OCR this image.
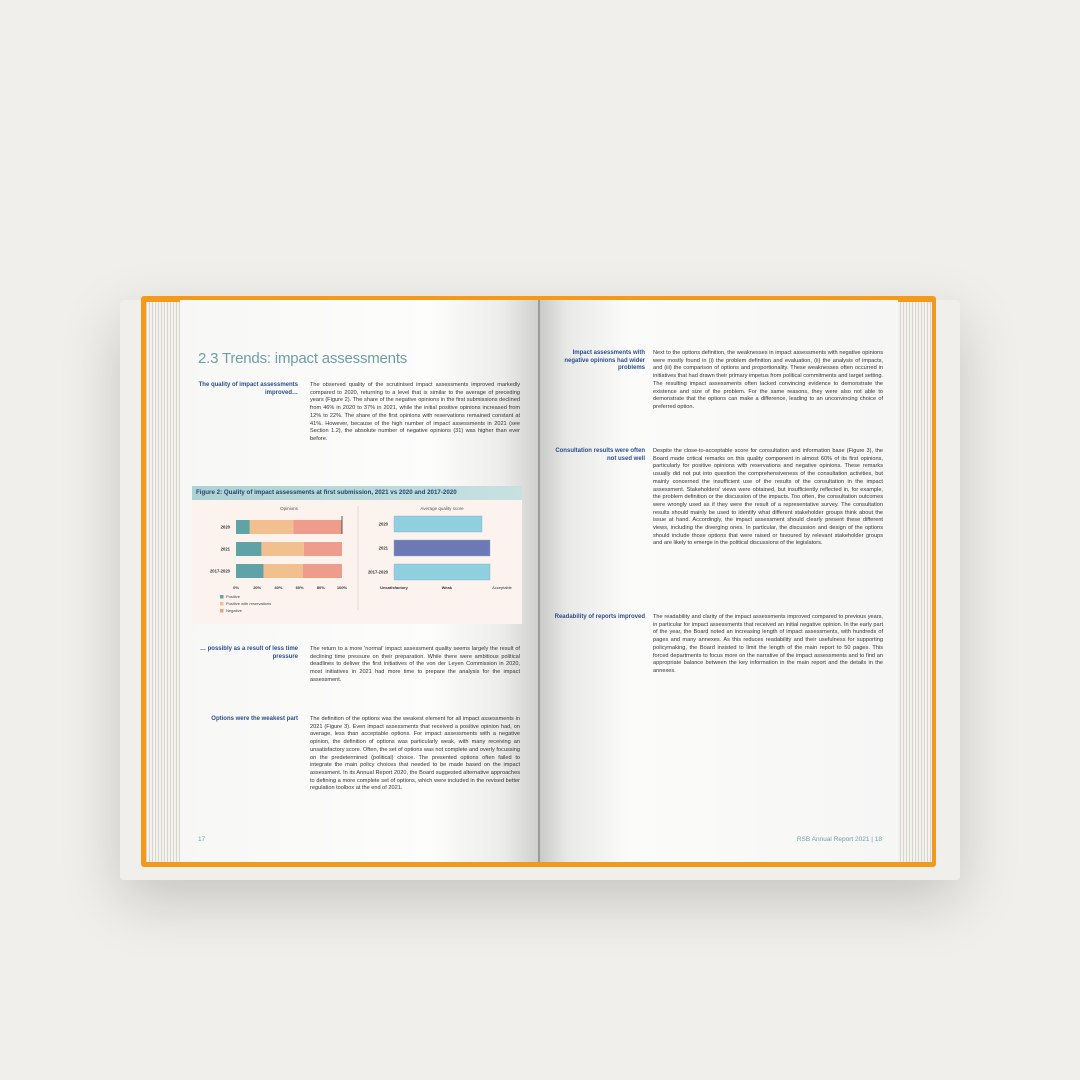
2.3 Trends: impact assessments
The quality of impact assessments improved…
The observed quality of the scrutinised impact assessments improved markedly compared to 2020, returning to a level that is similar to the average of preceding years (Figure 2). The share of the negative opinions in the first submissions declined from 46% in 2020 to 37% in 2021, while the initial positive opinions increased from 12% to 22%. The share of the first opinions with reservations remained constant at 41%. However, because of the high number of impact assessments in 2021 (see Section 1.2), the absolute number of negative opinions (31) was higher than ever before.
Figure 2: Quality of impact assessments at first submission, 2021 vs 2020 and 2017-2020
Opinions
2020
2021
2017-2020
0%	20%	40%	60%	80%	100%
Positive
Positive with reservations
Negative
Average quality score
2020
2021
2017-2020
Unsatisfactory	Weak	Acceptable
… possibly as a result of less time pressure
The return to a more 'normal' impact assessment quality seems largely the result of declining time pressure on their preparation. While there were ambitious political deadlines to deliver the first initiatives of the von der Leyen Commission in 2020, most initiatives in 2021 had more time to prepare the analysis for the impact assessment.
Options were the weakest part The definition of the options was the weakest element for all impact assessments in 2021 (Figure 3). Even impact assessments that received a positive opinion had, on average, less than acceptable options. For impact assessments with a negative opinion, the definition of options was particularly weak, with many receiving an unsatisfactory score. Often, the set of options was not complete and overly focussing on the predetermined (political) choice. The presented options often failed to integrate the main policy choices that needed to be made based on the impact assessment. In its Annual Report 2020, the Board suggested alternative approaches to defining a more complete set of options, which were included in the revised better regulation toolbox at the end of 2021.
17
Impact assessments with negative opinions had wider problems
Next to the options definition, the weaknesses in impact assessments with negative opinions were mostly found in (i) the problem definition and evaluation, (ii) the analysis of impacts, and (iii) the comparison of options and proportionality. These weaknesses often occurred in initiatives that had drawn their primary impetus from political commitments and target setting. The resulting impact assessments often lacked convincing evidence to demonstrate the existence and size of the problem. For the same reasons, they were also not able to demonstrate that the options can make a difference, leading to an unconvincing choice of preferred option.
Consultation results were often not used well
Despite the close-to-acceptable score for consultation and information base (Figure 3), the Board made critical remarks on this quality component in almost 60% of its first opinions, particularly for positive opinions with reservations and negative opinions. These remarks usually did not put into question the comprehensiveness of the consultation activities, but mainly concerned the insufficient use of the results of the consultation in the impact assessment. Stakeholders' views were obtained, but insufficiently reflected in, for example, the problem definition or the discussion of the impacts. Too often, the consultation outcomes were wrongly used as if they were the result of a representative survey. The consultation results should mainly be used to identify what different stakeholder groups think about the issue at hand. Accordingly, the impact assessment should clearly present these different views, including the diverging ones. In particular, the discussion and design of the options should include those options that were raised or favoured by relevant stakeholder groups and are likely to emerge in the political discussions of the legislators.
Readability of reports improved The readability and clarity of the impact assessments improved compared to previous years, in particular for impact assessments that received an initial negative opinion. In the early part of the year, the Board noted an increasing length of impact assessments, with hundreds of pages and many annexes. As this reduces readability and their usefulness for supporting policymaking, the Board insisted to limit the length of the main report to 50 pages. This forced departments to focus more on the narrative of the impact assessments and to find an appropriate balance between the key information in the main report and the details in the annexes.
RSB Annual Report 2021 | 18
